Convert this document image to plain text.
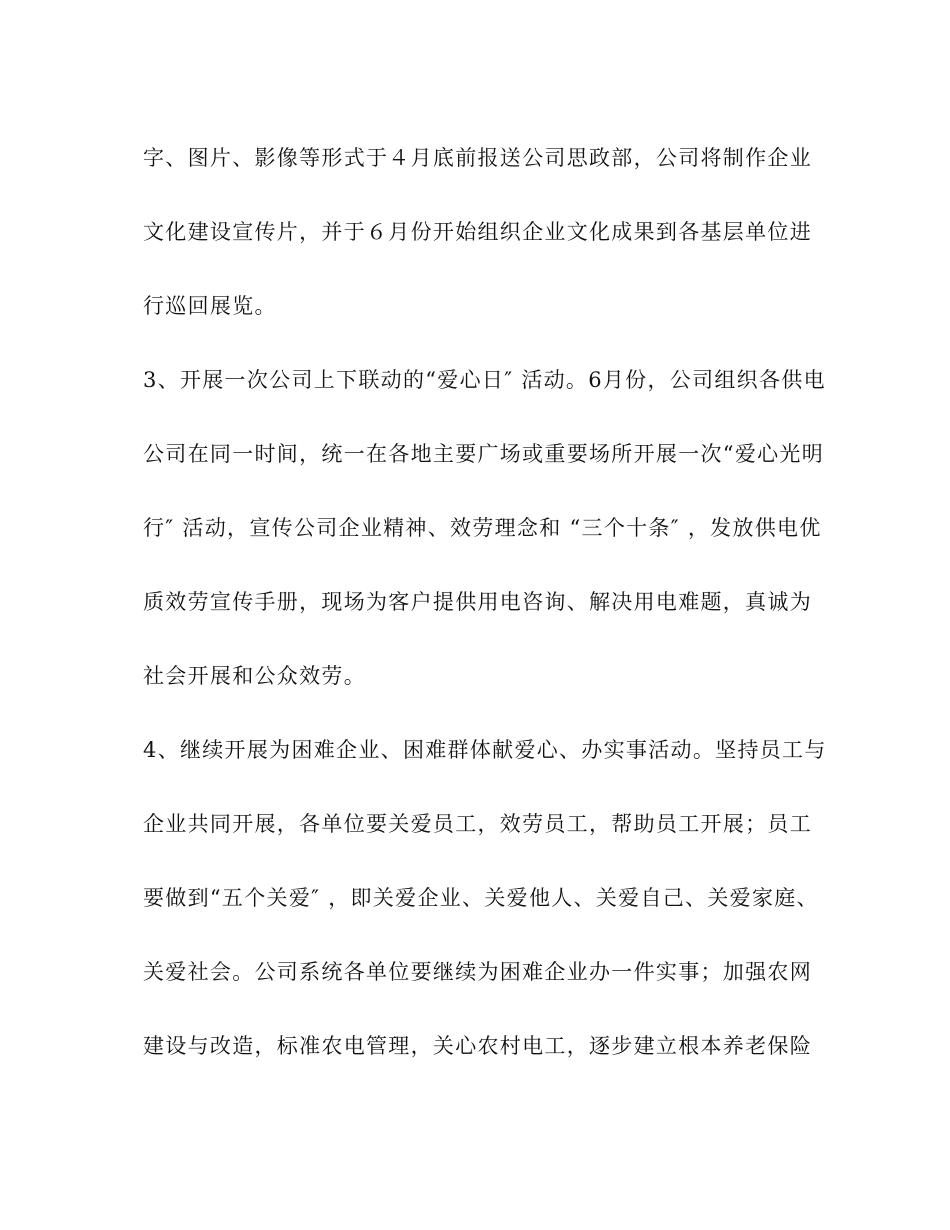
字、图片、影像等形式于４月底前报送公司思政部，公司将制作企业
文化建设宣传片，并于６月份开始组织企业文化成果到各基层单位进
行巡回展览。
3、开展一次公司上下联动的“爱心日″ 活动。6月份，公司组织各供电
公司在同一时间，统一在各地主要广场或重要场所开展一次“爱心光明
行″ 活动，宣传公司企业精神、效劳理念和 “三个十条″ ，发放供电优
质效劳宣传手册，现场为客户提供用电咨询、解决用电难题，真诚为
社会开展和公众效劳。
4、继续开展为困难企业、困难群体献爱心、办实事活动。坚持员工与
企业共同开展，各单位要关爱员工，效劳员工，帮助员工开展；员工
要做到“五个关爱″ ，即关爱企业、关爱他人、关爱自己、关爱家庭、
关爱社会。公司系统各单位要继续为困难企业办一件实事；加强农网
建设与改造，标准农电管理，关心农村电工，逐步建立根本养老保险
